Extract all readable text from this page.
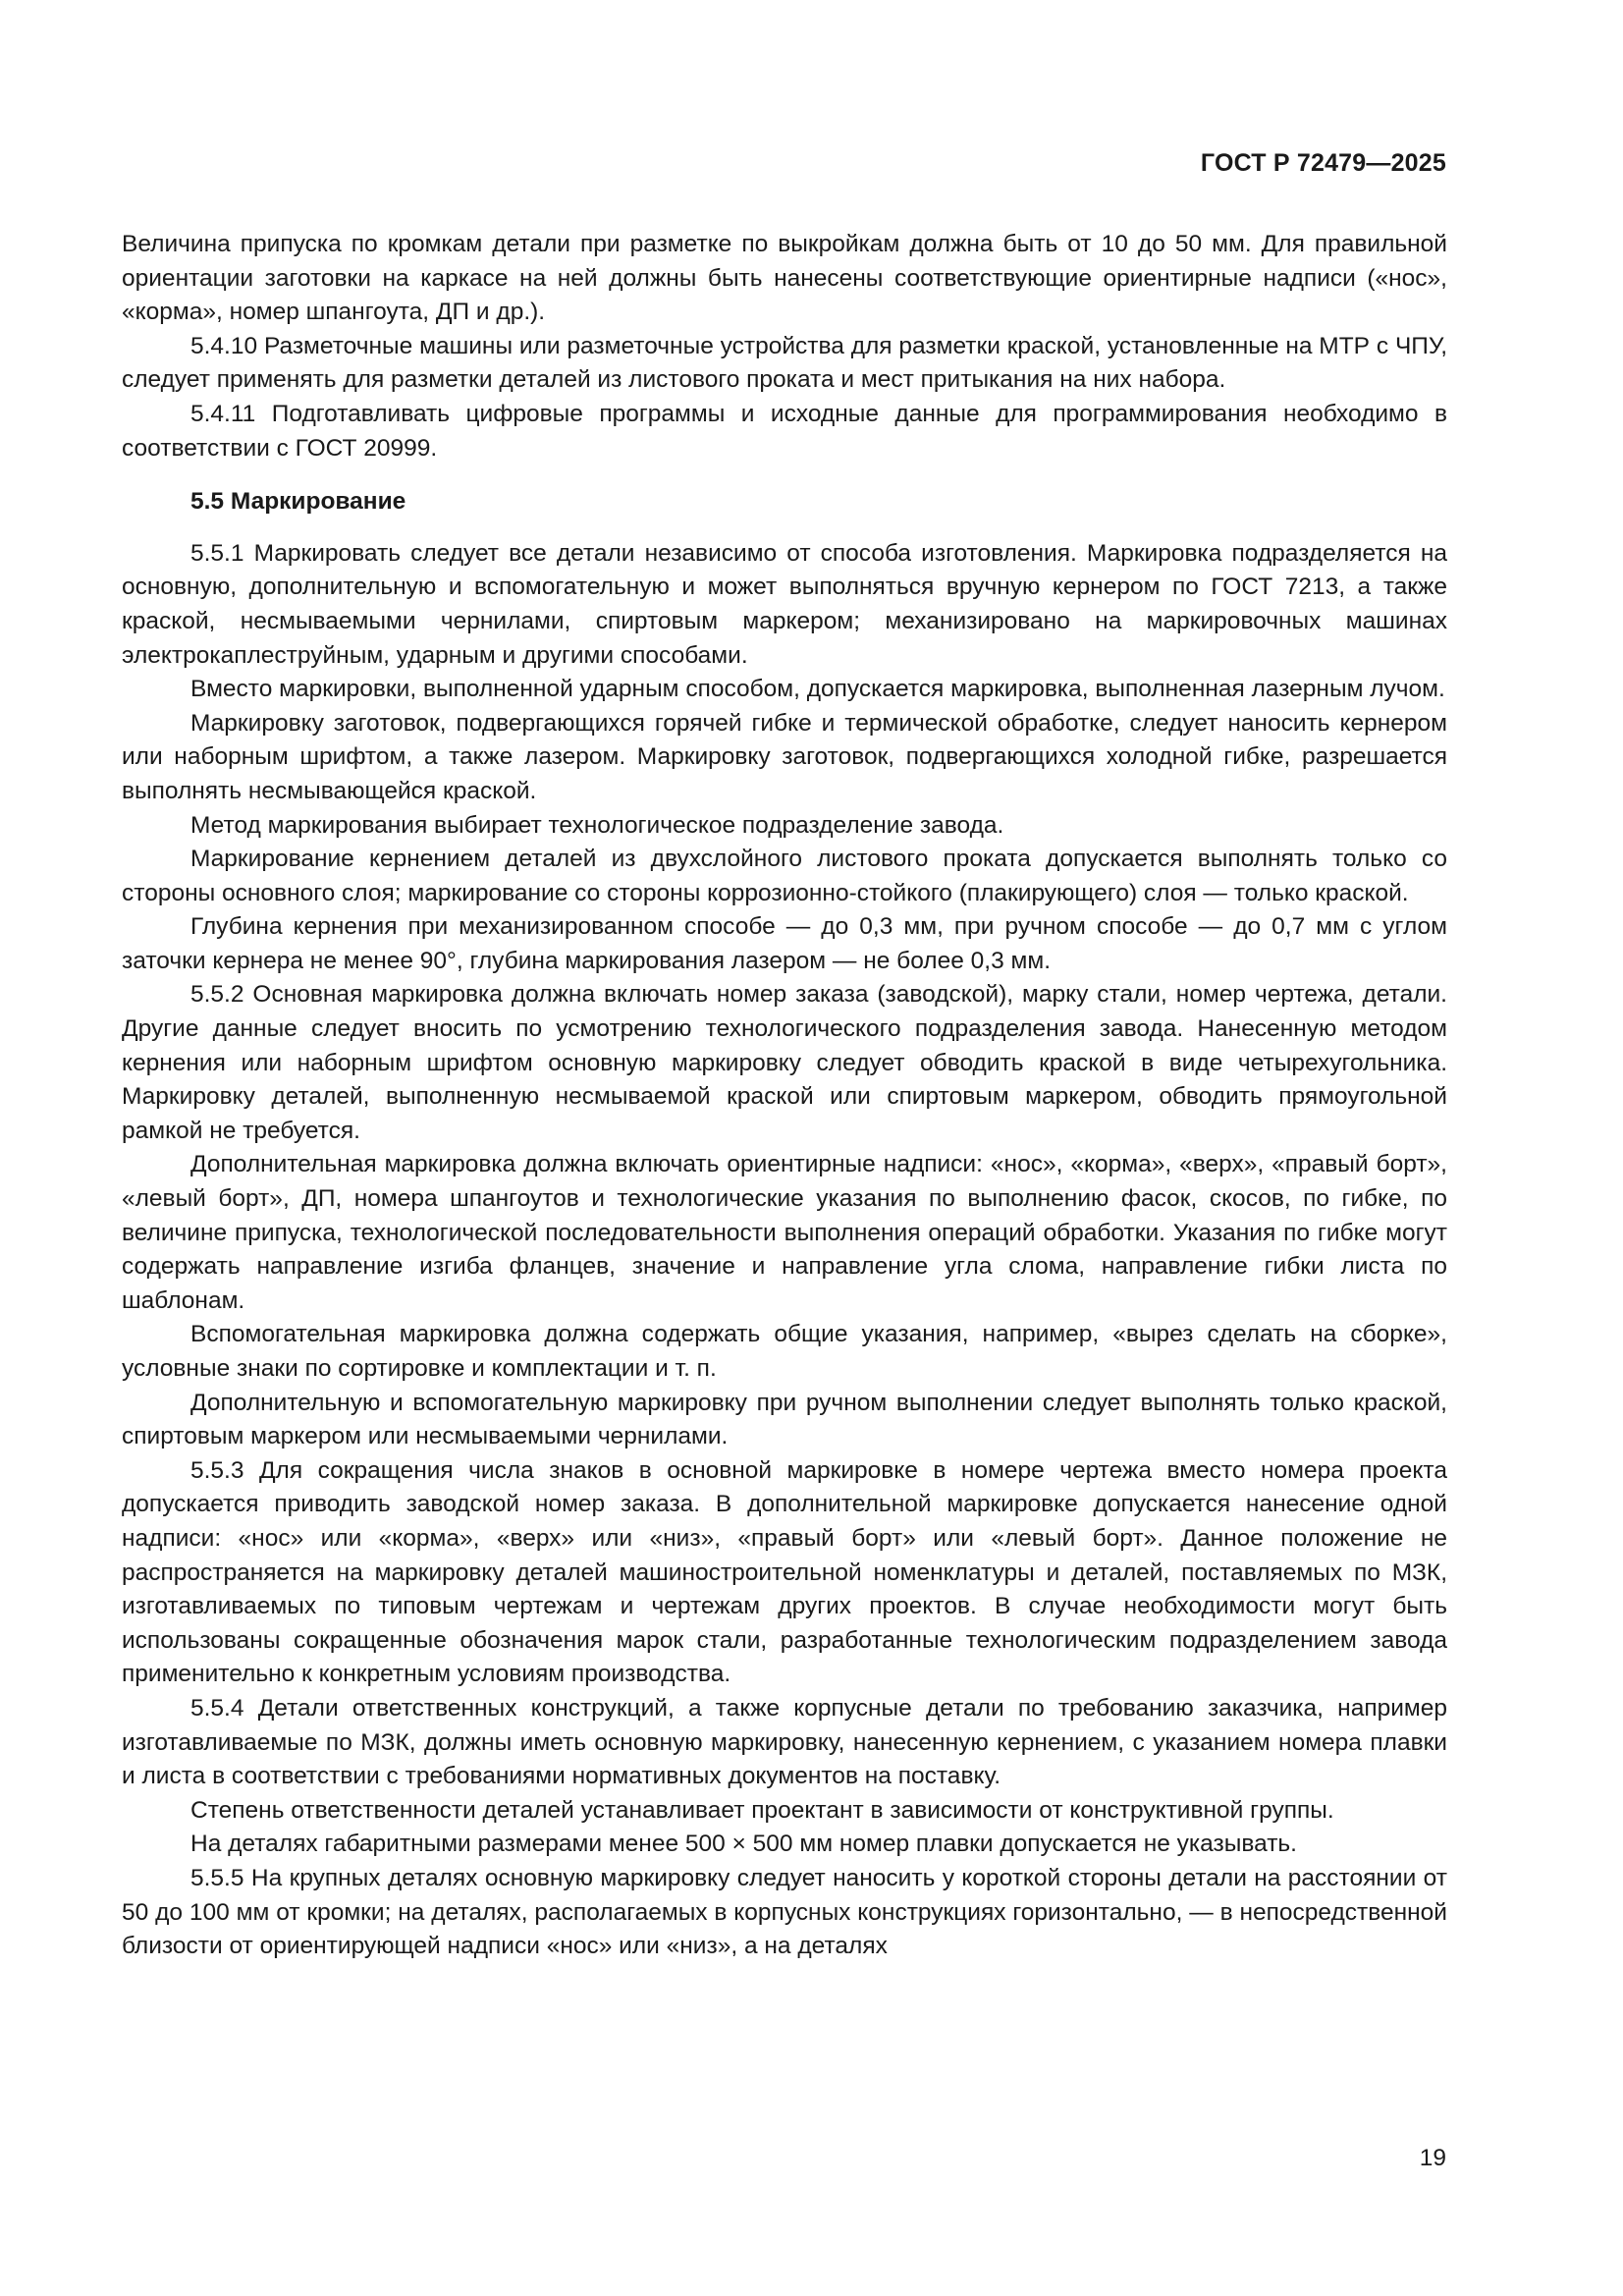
ГОСТ Р 72479—2025

Величина припуска по кромкам детали при разметке по выкройкам должна быть от 10 до 50 мм. Для правильной ориентации заготовки на каркасе на ней должны быть нанесены соответствующие ориентирные надписи («нос», «корма», номер шпангоута, ДП и др.).

5.4.10 Разметочные машины или разметочные устройства для разметки краской, установленные на МТР с ЧПУ, следует применять для разметки деталей из листового проката и мест притыкания на них набора.

5.4.11 Подготавливать цифровые программы и исходные данные для программирования необходимо в соответствии с ГОСТ 20999.

5.5 Маркирование

5.5.1 Маркировать следует все детали независимо от способа изготовления. Маркировка подразделяется на основную, дополнительную и вспомогательную и может выполняться вручную кернером по ГОСТ 7213, а также краской, несмываемыми чернилами, спиртовым маркером; механизировано на маркировочных машинах электрокаплеструйным, ударным и другими способами.

Вместо маркировки, выполненной ударным способом, допускается маркировка, выполненная лазерным лучом.

Маркировку заготовок, подвергающихся горячей гибке и термической обработке, следует наносить кернером или наборным шрифтом, а также лазером. Маркировку заготовок, подвергающихся холодной гибке, разрешается выполнять несмывающейся краской.

Метод маркирования выбирает технологическое подразделение завода.

Маркирование кернением деталей из двухслойного листового проката допускается выполнять только со стороны основного слоя; маркирование со стороны коррозионно-стойкого (плакирующего) слоя — только краской.

Глубина кернения при механизированном способе — до 0,3 мм, при ручном способе — до 0,7 мм с углом заточки кернера не менее 90°, глубина маркирования лазером — не более 0,3 мм.

5.5.2 Основная маркировка должна включать номер заказа (заводской), марку стали, номер чертежа, детали. Другие данные следует вносить по усмотрению технологического подразделения завода. Нанесенную методом кернения или наборным шрифтом основную маркировку следует обводить краской в виде четырехугольника. Маркировку деталей, выполненную несмываемой краской или спиртовым маркером, обводить прямоугольной рамкой не требуется.

Дополнительная маркировка должна включать ориентирные надписи: «нос», «корма», «верх», «правый борт», «левый борт», ДП, номера шпангоутов и технологические указания по выполнению фасок, скосов, по гибке, по величине припуска, технологической последовательности выполнения операций обработки. Указания по гибке могут содержать направление изгиба фланцев, значение и направление угла слома, направление гибки листа по шаблонам.

Вспомогательная маркировка должна содержать общие указания, например, «вырез сделать на сборке», условные знаки по сортировке и комплектации и т. п.

Дополнительную и вспомогательную маркировку при ручном выполнении следует выполнять только краской, спиртовым маркером или несмываемыми чернилами.

5.5.3 Для сокращения числа знаков в основной маркировке в номере чертежа вместо номера проекта допускается приводить заводской номер заказа. В дополнительной маркировке допускается нанесение одной надписи: «нос» или «корма», «верх» или «низ», «правый борт» или «левый борт». Данное положение не распространяется на маркировку деталей машиностроительной номенклатуры и деталей, поставляемых по МЗК, изготавливаемых по типовым чертежам и чертежам других проектов. В случае необходимости могут быть использованы сокращенные обозначения марок стали, разработанные технологическим подразделением завода применительно к конкретным условиям производства.

5.5.4 Детали ответственных конструкций, а также корпусные детали по требованию заказчика, например изготавливаемые по МЗК, должны иметь основную маркировку, нанесенную кернением, с указанием номера плавки и листа в соответствии с требованиями нормативных документов на поставку.

Степень ответственности деталей устанавливает проектант в зависимости от конструктивной группы.

На деталях габаритными размерами менее 500 × 500 мм номер плавки допускается не указывать.

5.5.5 На крупных деталях основную маркировку следует наносить у короткой стороны детали на расстоянии от 50 до 100 мм от кромки; на деталях, располагаемых в корпусных конструкциях горизонтально, — в непосредственной близости от ориентирующей надписи «нос» или «низ», а на деталях

19
